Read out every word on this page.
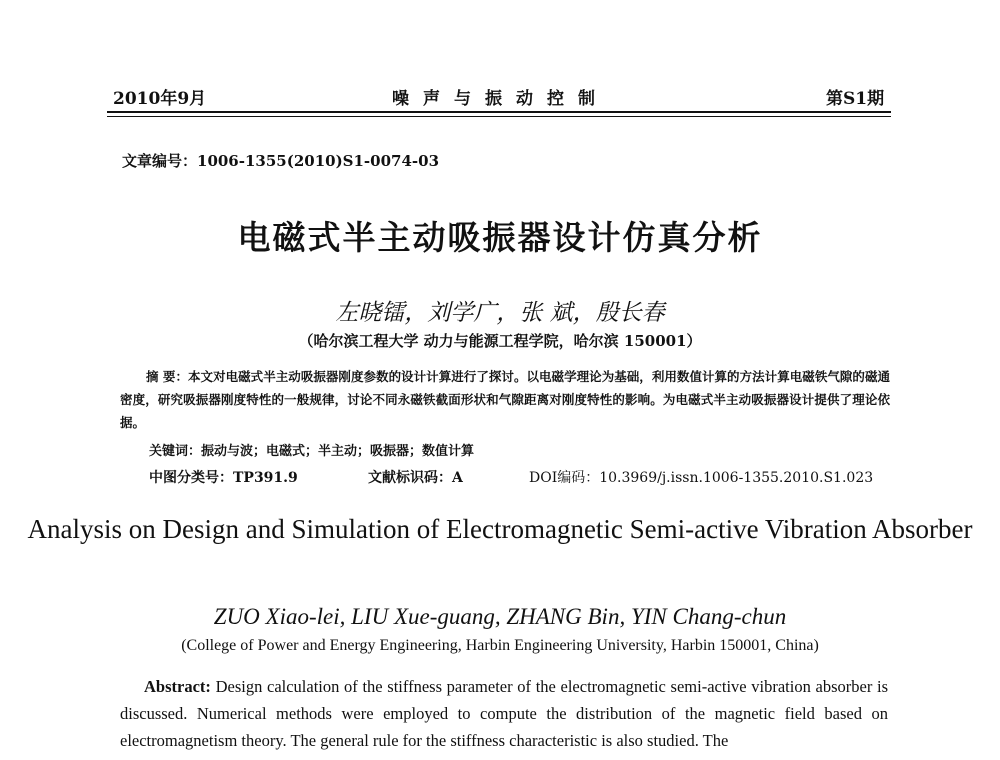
2010年9月	噪声与振动控制	第S1期
文章编号：1006-1355(2010)S1-0074-03
电磁式半主动吸振器设计仿真分析
左晓镭，刘学广，张 斌，殷长春
（哈尔滨工程大学 动力与能源工程学院，哈尔滨 150001）
摘 要：本文对电磁式半主动吸振器刚度参数的设计计算进行了探讨。以电磁学理论为基础，利用数值计算的方法计算电磁铁气隙的磁通密度，研究吸振器刚度特性的一般规律，讨论不同永磁铁截面形状和气隙距离对刚度特性的影响。为电磁式半主动吸振器设计提供了理论依据。
关键词：振动与波；电磁式；半主动；吸振器；数值计算
中图分类号：TP391.9	文献标识码：A	DOI编码：10.3969/j.issn.1006-1355.2010.S1.023
Analysis on Design and Simulation of Electromagnetic Semi-active Vibration Absorber
ZUO Xiao-lei, LIU Xue-guang, ZHANG Bin, YIN Chang-chun
(College of Power and Energy Engineering, Harbin Engineering University, Harbin 150001, China)
Abstract: Design calculation of the stiffness parameter of the electromagnetic semi-active vibration absorber is discussed. Numerical methods were employed to compute the distribution of the magnetic field based on electromagnetism theory. The general rule for the stiffness characteristic is also studied. The
